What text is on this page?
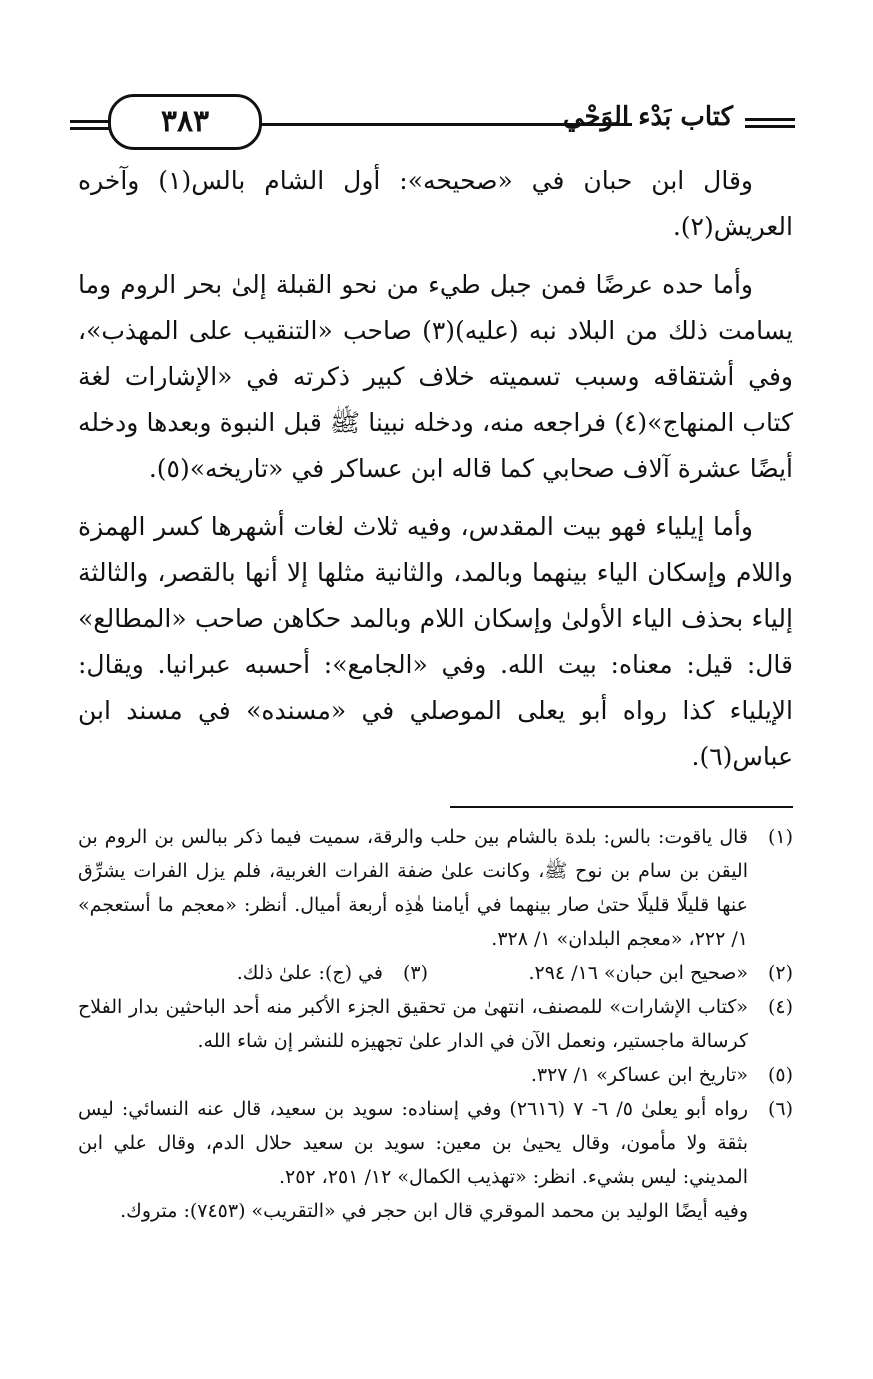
٣٨٣	كتاب بَدْء الوَحْي

وقال ابن حبان في «صحيحه»: أول الشام بالس(١) وآخره العريش(٢).

وأما حده عرضًا فمن جبل طيء من نحو القبلة إلىٰ بحر الروم وما يسامت ذلك من البلاد نبه (عليه)(٣) صاحب «التنقيب على المهذب»، وفي أشتقاقه وسبب تسميته خلاف كبير ذكرته في «الإشارات لغة كتاب المنهاج»(٤) فراجعه منه، ودخله نبينا ﷺ قبل النبوة وبعدها ودخله أيضًا عشرة آلاف صحابي كما قاله ابن عساكر في «تاريخه»(٥).

وأما إيلياء فهو بيت المقدس، وفيه ثلاث لغات أشهرها كسر الهمزة واللام وإسكان الياء بينهما وبالمد، والثانية مثلها إلا أنها بالقصر، والثالثة إلياء بحذف الياء الأولىٰ وإسكان اللام وبالمد حكاهن صاحب «المطالع» قال: قيل: معناه: بيت الله. وفي «الجامع»: أحسبه عبرانيا. ويقال: الإيلياء كذا رواه أبو يعلى الموصلي في «مسنده» في مسند ابن عباس(٦).

(١)
قال ياقوت: بالس: بلدة بالشام بين حلب والرقة، سميت فيما ذكر ببالس بن الروم بن اليقن بن سام بن نوح ﷺ، وكانت علىٰ ضفة الفرات الغربية، فلم يزل الفرات يشرِّق عنها قليلًا قليلًا حتىٰ صار بينهما في أيامنا هٰذِه أربعة أميال. أنظر: «معجم ما أستعجم» ١/ ٢٢٢، «معجم البلدان» ١/ ٣٢٨.
(٢)
«صحيح ابن حبان» ١٦/ ٢٩٤.
(٣)
في (ج): علىٰ ذلك.
(٤)
«كتاب الإشارات» للمصنف، انتهىٰ من تحقيق الجزء الأكبر منه أحد الباحثين بدار الفلاح كرسالة ماجستير، ونعمل الآن في الدار علىٰ تجهيزه للنشر إن شاء الله.
(٥)
«تاريخ ابن عساكر» ١/ ٣٢٧.
(٦)
رواه أبو يعلىٰ ٥/ ٦- ٧ (٢٦١٦) وفي إسناده: سويد بن سعيد، قال عنه النسائي: ليس بثقة ولا مأمون، وقال يحيىٰ بن معين: سويد بن سعيد حلال الدم، وقال علي ابن المديني: ليس بشيء. انظر: «تهذيب الكمال» ١٢/ ٢٥١، ٢٥٢.

وفيه أيضًا الوليد بن محمد الموقري قال ابن حجر في «التقريب» (٧٤٥٣): متروك.
